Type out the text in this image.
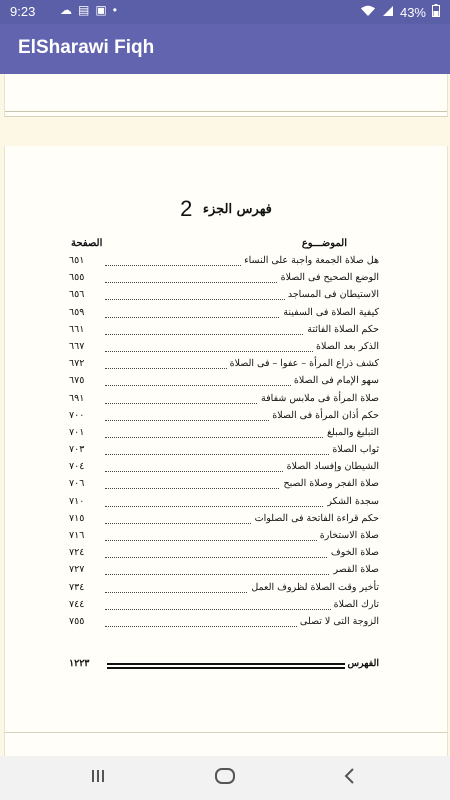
9:23 ☁ ▤ ▣ •	43%
ElSharawi Fiqh
فهرس الجزء 2
الموضـــوع
الصفحة
هل صلاة الجمعة واجبة على النساء
٦٥١
الوضع الصحيح فى الصلاة
٦٥٥
الاستيطان فى المساجد
٦٥٦
كيفية الصلاة فى السفينة
٦٥٩
حكم الصلاة الفائتة
٦٦١
الذكر بعد الصلاة
٦٦٧
كشف ذراع المرأة – عفوا – فى الصلاة
٦٧٢
سهو الإمام فى الصلاة
٦٧٥
صلاة المرأة فى ملابس شفافة
٦٩١
حكم أذان المرأة فى الصلاة
٧٠٠
التبليغ والمبلغ
٧٠١
ثواب الصلاة
٧٠٣
الشيطان وإفساد الصلاة
٧٠٤
صلاة الفجر وصلاة الصبح
٧٠٦
سجدة الشكر
٧١٠
حكم قراءة الفاتحة فى الصلوات
٧١٥
صلاة الاستخارة
٧١٦
صلاة الخوف
٧٢٤
صلاة القصر
٧٢٧
تأخير وقت الصلاة لظروف العمل
٧٣٤
تارك الصلاة
٧٤٤
الزوجة التى لا تصلى
٧٥٥
الفهرس
١٢٢٣
